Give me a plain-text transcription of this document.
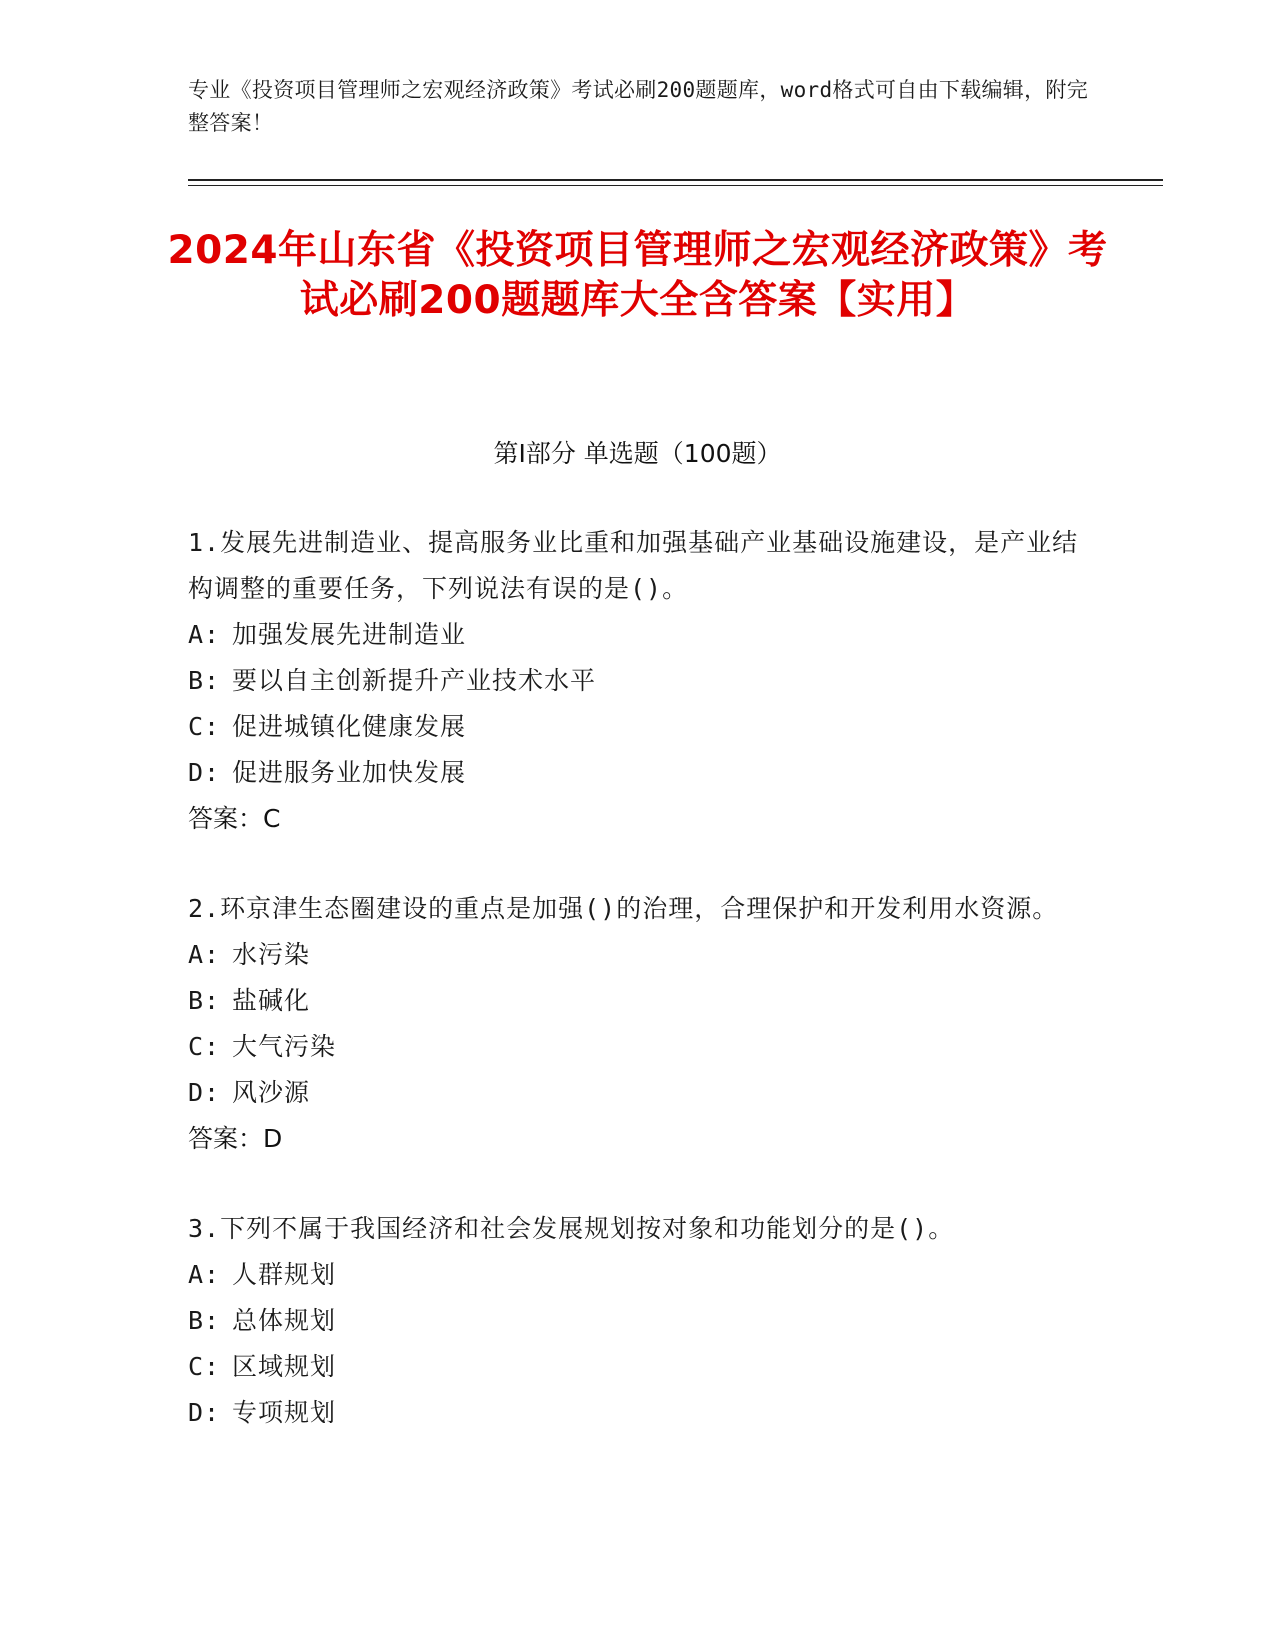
专业《投资项目管理师之宏观经济政策》考试必刷200题题库，word格式可自由下载编辑，附完整答案！
2024年山东省《投资项目管理师之宏观经济政策》考试必刷200题题库大全含答案【实用】
第Ⅰ部分 单选题（100题）
1.发展先进制造业、提高服务业比重和加强基础产业基础设施建设，是产业结构调整的重要任务，下列说法有误的是()。
A: 加强发展先进制造业
B: 要以自主创新提升产业技术水平
C: 促进城镇化健康发展
D: 促进服务业加快发展
答案：C
2.环京津生态圈建设的重点是加强()的治理，合理保护和开发利用水资源。
A: 水污染
B: 盐碱化
C: 大气污染
D: 风沙源
答案：D
3.下列不属于我国经济和社会发展规划按对象和功能划分的是()。
A: 人群规划
B: 总体规划
C: 区域规划
D: 专项规划
